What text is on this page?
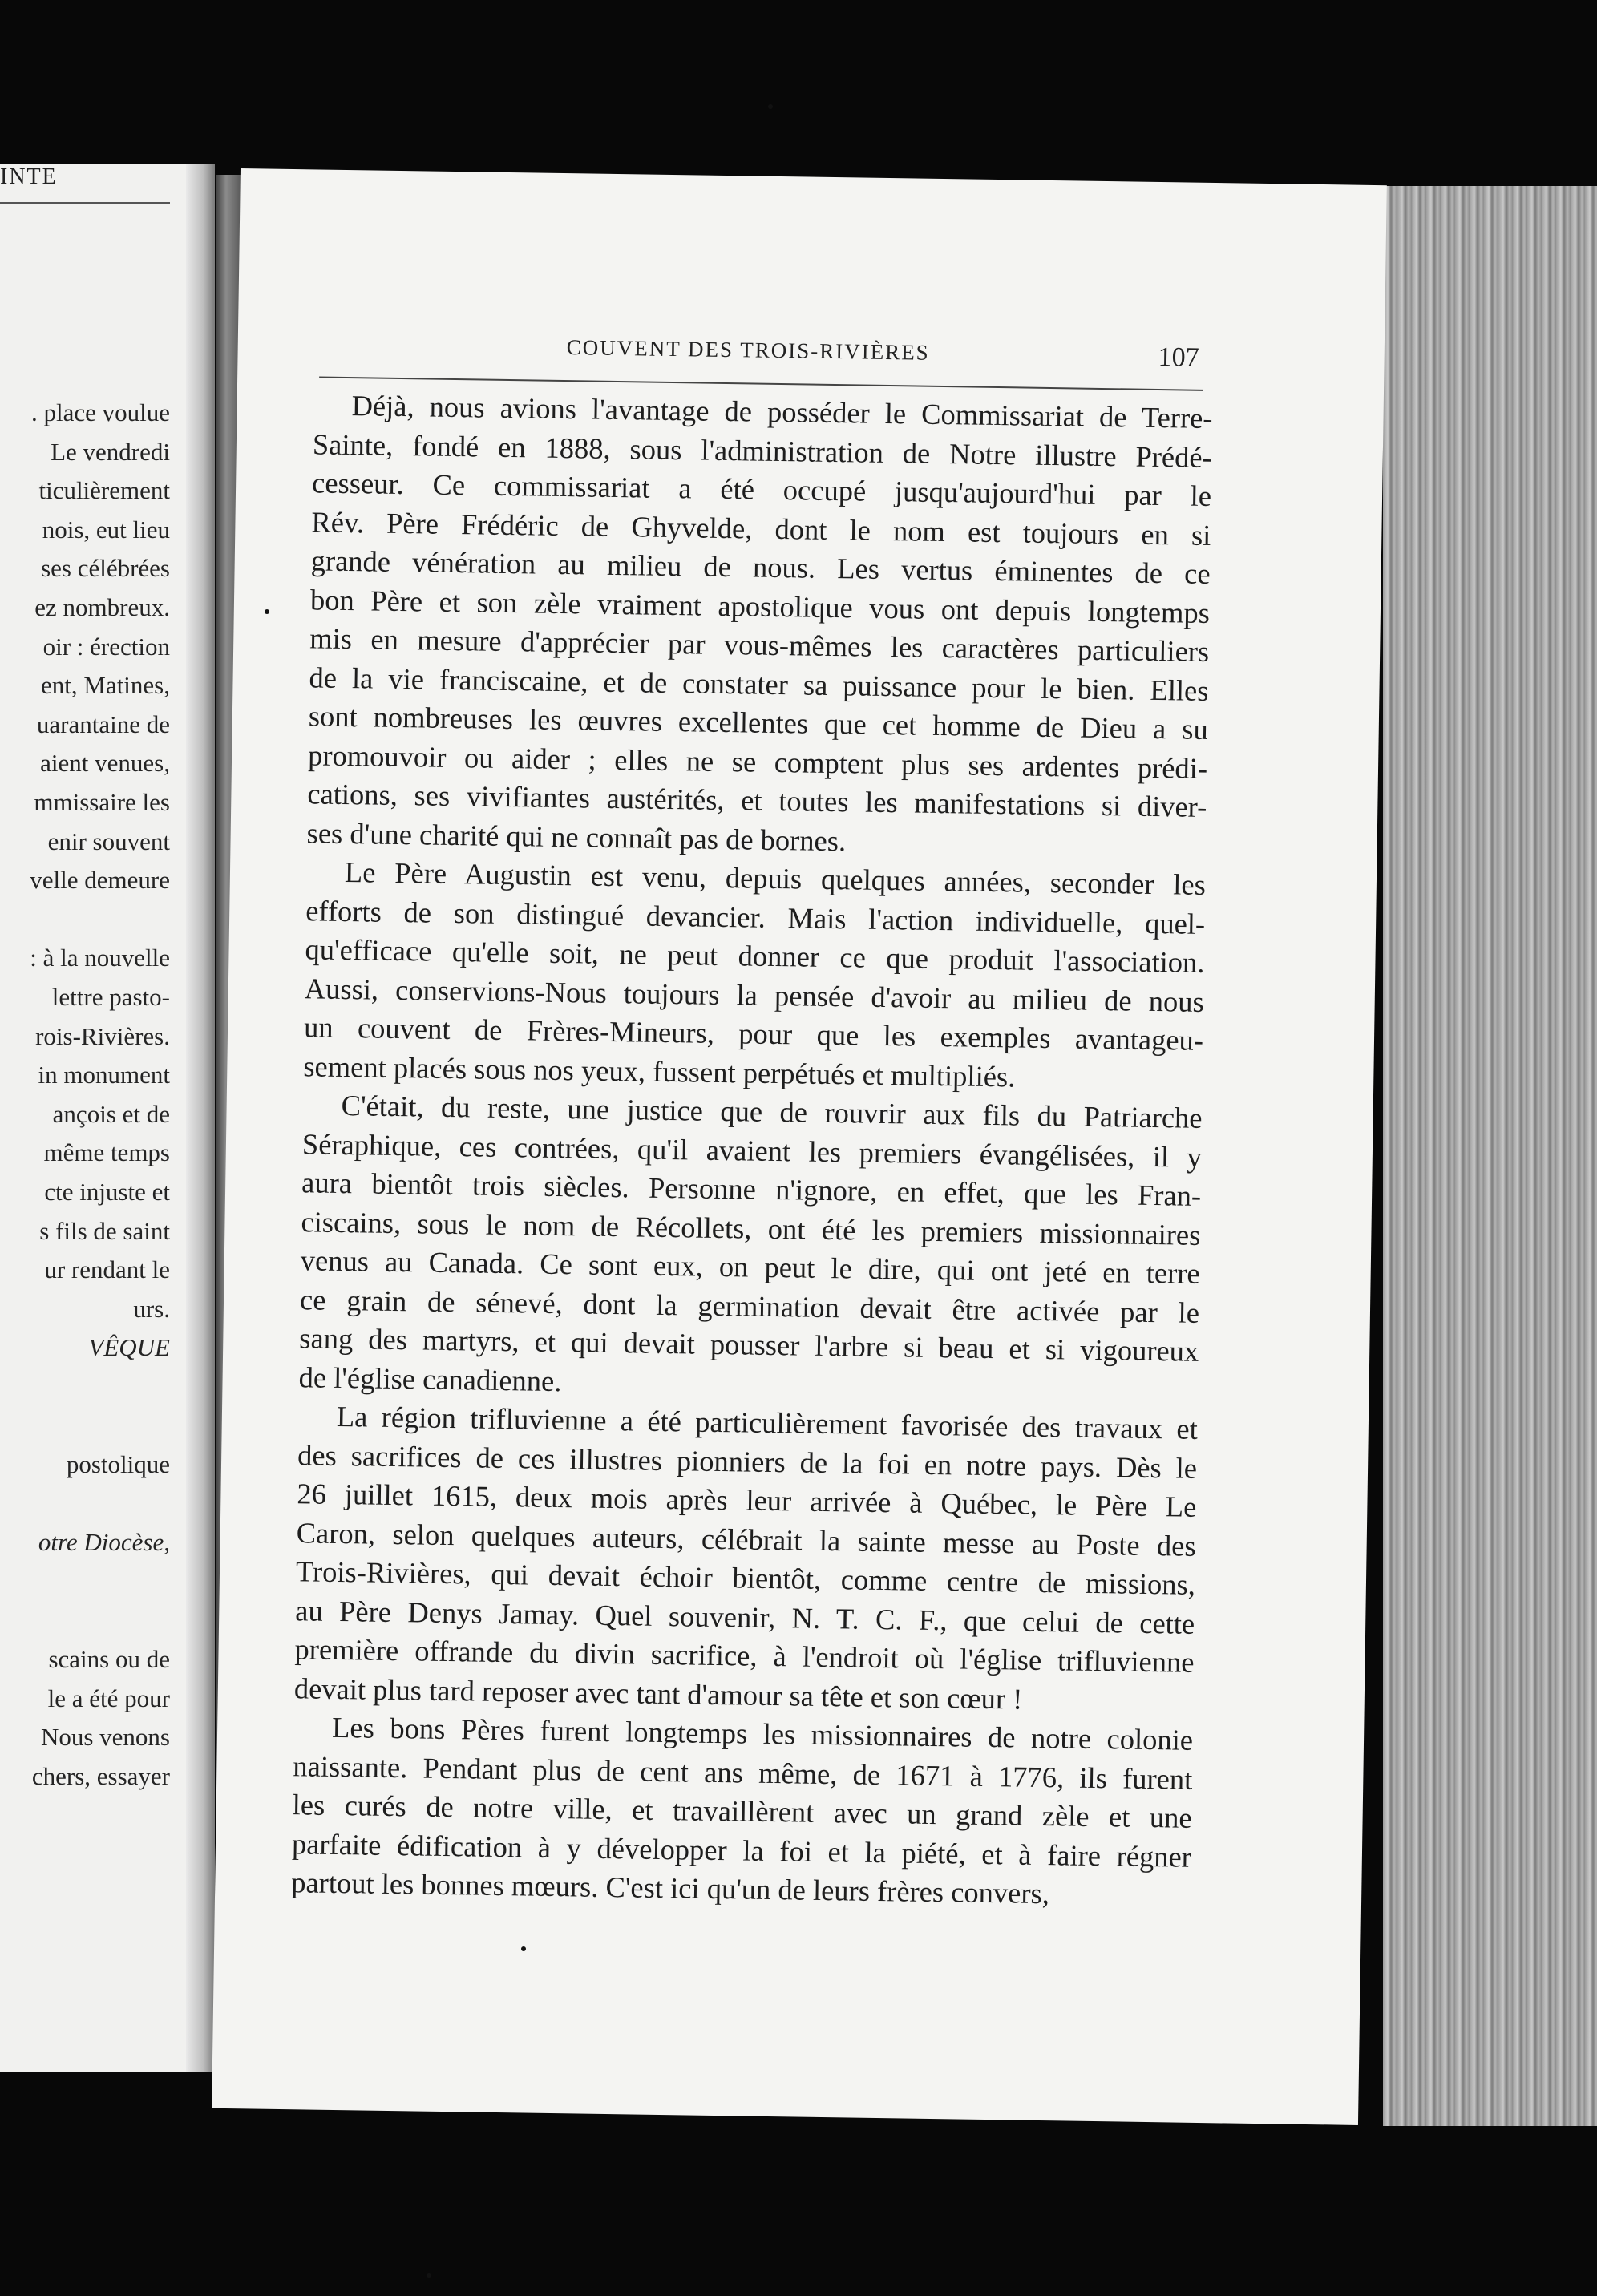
INTE
. place voulue
Le vendredi
ticulièrement
nois, eut lieu
ses célébrées
ez nombreux.
oir : érection
ent, Matines,
uarantaine de
aient venues,
mmissaire les
enir souvent
velle demeure
: à la nouvelle
lettre pasto-
rois-Rivières.
in monument
ançois et de
même temps
cte injuste et
s fils de saint
ur rendant le
urs.
VÊQUE
postolique
otre Diocèse,
scains ou de
le a été pour
Nous venons
chers, essayer
COUVENT DES TROIS-RIVIÈRES	107
Déjà, nous avions l'avantage de posséder le Commissariat de Terre-
Sainte, fondé en 1888, sous l'administration de Notre illustre Prédé-
cesseur. Ce commissariat a été occupé jusqu'aujourd'hui par le
Rév. Père Frédéric de Ghyvelde, dont le nom est toujours en si
grande vénération au milieu de nous. Les vertus éminentes de ce
bon Père et son zèle vraiment apostolique vous ont depuis longtemps
mis en mesure d'apprécier par vous-mêmes les caractères particuliers
de la vie franciscaine, et de constater sa puissance pour le bien. Elles
sont nombreuses les œuvres excellentes que cet homme de Dieu a su
promouvoir ou aider ; elles ne se comptent plus ses ardentes prédi-
cations, ses vivifiantes austérités, et toutes les manifestations si diver-
ses d'une charité qui ne connaît pas de bornes.
Le Père Augustin est venu, depuis quelques années, seconder les
efforts de son distingué devancier. Mais l'action individuelle, quel-
qu'efficace qu'elle soit, ne peut donner ce que produit l'association.
Aussi, conservions-Nous toujours la pensée d'avoir au milieu de nous
un couvent de Frères-Mineurs, pour que les exemples avantageu-
sement placés sous nos yeux, fussent perpétués et multipliés.
C'était, du reste, une justice que de rouvrir aux fils du Patriarche
Séraphique, ces contrées, qu'il avaient les premiers évangélisées, il y
aura bientôt trois siècles. Personne n'ignore, en effet, que les Fran-
ciscains, sous le nom de Récollets, ont été les premiers missionnaires
venus au Canada. Ce sont eux, on peut le dire, qui ont jeté en terre
ce grain de sénevé, dont la germination devait être activée par le
sang des martyrs, et qui devait pousser l'arbre si beau et si vigoureux
de l'église canadienne.
La région trifluvienne a été particulièrement favorisée des travaux et
des sacrifices de ces illustres pionniers de la foi en notre pays. Dès le
26 juillet 1615, deux mois après leur arrivée à Québec, le Père Le
Caron, selon quelques auteurs, célébrait la sainte messe au Poste des
Trois-Rivières, qui devait échoir bientôt, comme centre de missions,
au Père Denys Jamay. Quel souvenir, N. T. C. F., que celui de cette
première offrande du divin sacrifice, à l'endroit où l'église trifluvienne
devait plus tard reposer avec tant d'amour sa tête et son cœur !
Les bons Pères furent longtemps les missionnaires de notre colonie
naissante. Pendant plus de cent ans même, de 1671 à 1776, ils furent
les curés de notre ville, et travaillèrent avec un grand zèle et une
parfaite édification à y développer la foi et la piété, et à faire régner
partout les bonnes mœurs. C'est ici qu'un de leurs frères convers,
